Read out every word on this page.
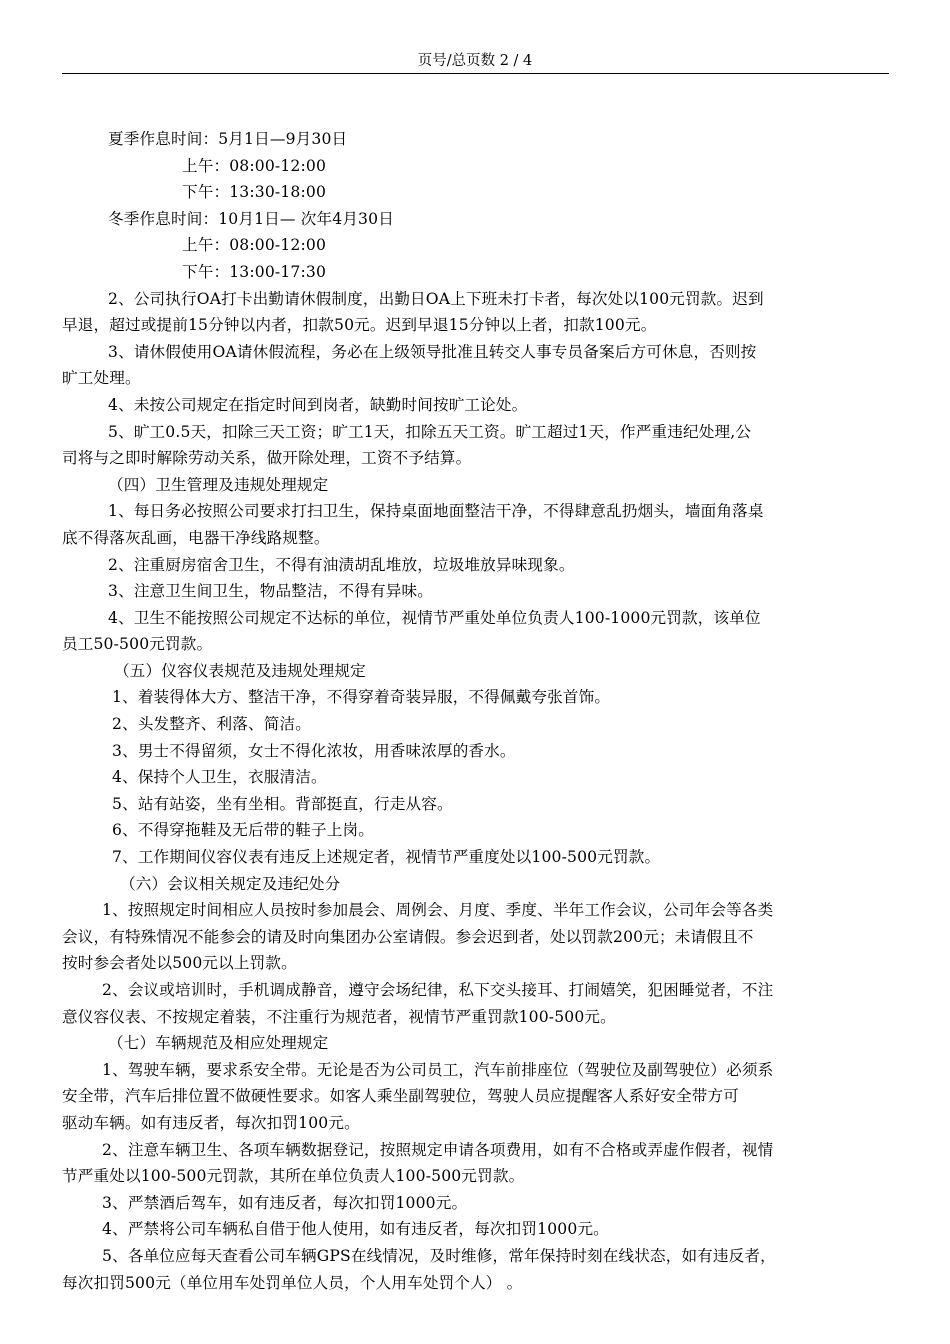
页号/总页数 2 / 4

夏季作息时间：5月1日—9月30日

上午：08:00-12:00

下午：13:30-18:00

冬季作息时间：10月1日— 次年4月30日

上午：08:00-12:00

下午：13:00-17:30

2、公司执行OA打卡出勤请休假制度，出勤日OA上下班未打卡者，每次处以100元罚款。迟到

早退，超过或提前15分钟以内者，扣款50元。迟到早退15分钟以上者，扣款100元。

3、请休假使用OA请休假流程，务必在上级领导批准且转交人事专员备案后方可休息，否则按

旷工处理。

4、未按公司规定在指定时间到岗者，缺勤时间按旷工论处。

5、旷工0.5天，扣除三天工资；旷工1天，扣除五天工资。旷工超过1天，作严重违纪处理,公

司将与之即时解除劳动关系，做开除处理，工资不予结算。

（四）卫生管理及违规处理规定

1、每日务必按照公司要求打扫卫生，保持桌面地面整洁干净，不得肆意乱扔烟头，墙面角落桌

底不得落灰乱画，电器干净线路规整。

2、注重厨房宿舍卫生，不得有油渍胡乱堆放，垃圾堆放异味现象。

3、注意卫生间卫生，物品整洁，不得有异味。

4、卫生不能按照公司规定不达标的单位，视情节严重处单位负责人100-1000元罚款，该单位

员工50-500元罚款。

（五）仪容仪表规范及违规处理规定

1、着装得体大方、整洁干净，不得穿着奇装异服，不得佩戴夸张首饰。

2、头发整齐、利落、简洁。

3、男士不得留须，女士不得化浓妆，用香味浓厚的香水。

4、保持个人卫生，衣服清洁。

5、站有站姿，坐有坐相。背部挺直，行走从容。

6、不得穿拖鞋及无后带的鞋子上岗。

7、工作期间仪容仪表有违反上述规定者，视情节严重度处以100-500元罚款。

（六）会议相关规定及违纪处分

1、按照规定时间相应人员按时参加晨会、周例会、月度、季度、半年工作会议，公司年会等各类

会议，有特殊情况不能参会的请及时向集团办公室请假。参会迟到者，处以罚款200元；未请假且不

按时参会者处以500元以上罚款。

2、会议或培训时，手机调成静音，遵守会场纪律，私下交头接耳、打闹嬉笑，犯困睡觉者，不注

意仪容仪表、不按规定着装，不注重行为规范者，视情节严重罚款100-500元。

（七）车辆规范及相应处理规定

1、驾驶车辆，要求系安全带。无论是否为公司员工，汽车前排座位（驾驶位及副驾驶位）必须系

安全带，汽车后排位置不做硬性要求。如客人乘坐副驾驶位，驾驶人员应提醒客人系好安全带方可

驱动车辆。如有违反者，每次扣罚100元。

2、注意车辆卫生、各项车辆数据登记，按照规定申请各项费用，如有不合格或弄虚作假者，视情

节严重处以100-500元罚款，其所在单位负责人100-500元罚款。

3、严禁酒后驾车，如有违反者，每次扣罚1000元。

4、严禁将公司车辆私自借于他人使用，如有违反者，每次扣罚1000元。

5、各单位应每天查看公司车辆GPS在线情况，及时维修，常年保持时刻在线状态，如有违反者，

每次扣罚500元（单位用车处罚单位人员，个人用车处罚个人） 。
